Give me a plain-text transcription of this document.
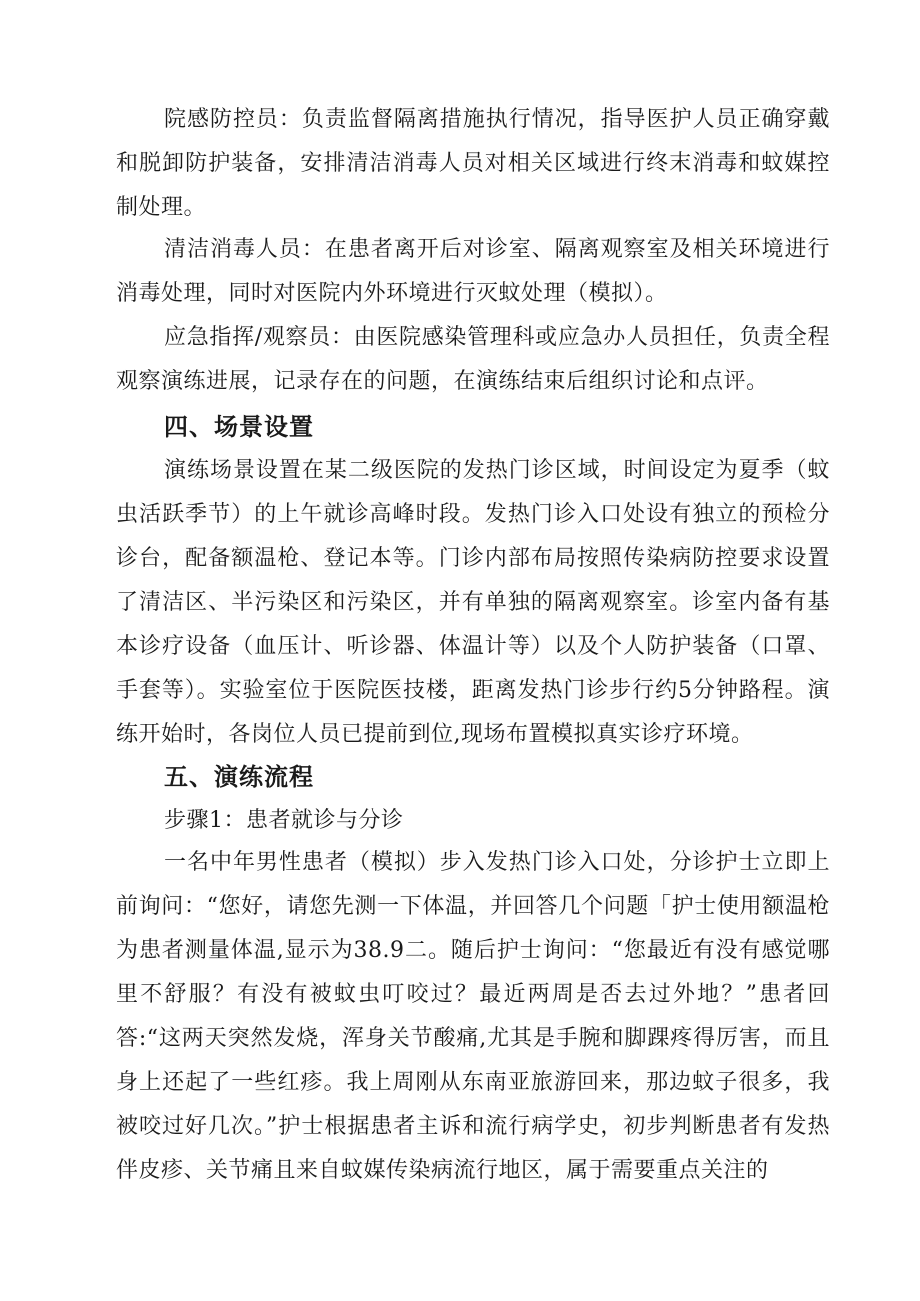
院感防控员：负责监督隔离措施执行情况，指导医护人员正确穿戴和脱卸防护装备，安排清洁消毒人员对相关区域进行终末消毒和蚊媒控制处理。

清洁消毒人员：在患者离开后对诊室、隔离观察室及相关环境进行消毒处理，同时对医院内外环境进行灭蚊处理（模拟）。

应急指挥/观察员：由医院感染管理科或应急办人员担任，负责全程观察演练进展，记录存在的问题，在演练结束后组织讨论和点评。

四、场景设置

演练场景设置在某二级医院的发热门诊区域，时间设定为夏季（蚊虫活跃季节）的上午就诊高峰时段。发热门诊入口处设有独立的预检分诊台，配备额温枪、登记本等。门诊内部布局按照传染病防控要求设置了清洁区、半污染区和污染区，并有单独的隔离观察室。诊室内备有基本诊疗设备（血压计、听诊器、体温计等）以及个人防护装备（口罩、手套等）。实验室位于医院医技楼，距离发热门诊步行约5分钟路程。演练开始时，各岗位人员已提前到位,现场布置模拟真实诊疗环境。

五、演练流程

步骤1：患者就诊与分诊

一名中年男性患者（模拟）步入发热门诊入口处，分诊护士立即上前询问：“您好，请您先测一下体温，并回答几个问题「护士使用额温枪为患者测量体温,显示为38.9二。随后护士询问：“您最近有没有感觉哪里不舒服？有没有被蚊虫叮咬过？最近两周是否去过外地？”患者回答:“这两天突然发烧，浑身关节酸痛,尤其是手腕和脚踝疼得厉害，而且身上还起了一些红疹。我上周刚从东南亚旅游回来，那边蚊子很多，我被咬过好几次。”护士根据患者主诉和流行病学史，初步判断患者有发热伴皮疹、关节痛且来自蚊媒传染病流行地区，属于需要重点关注的
